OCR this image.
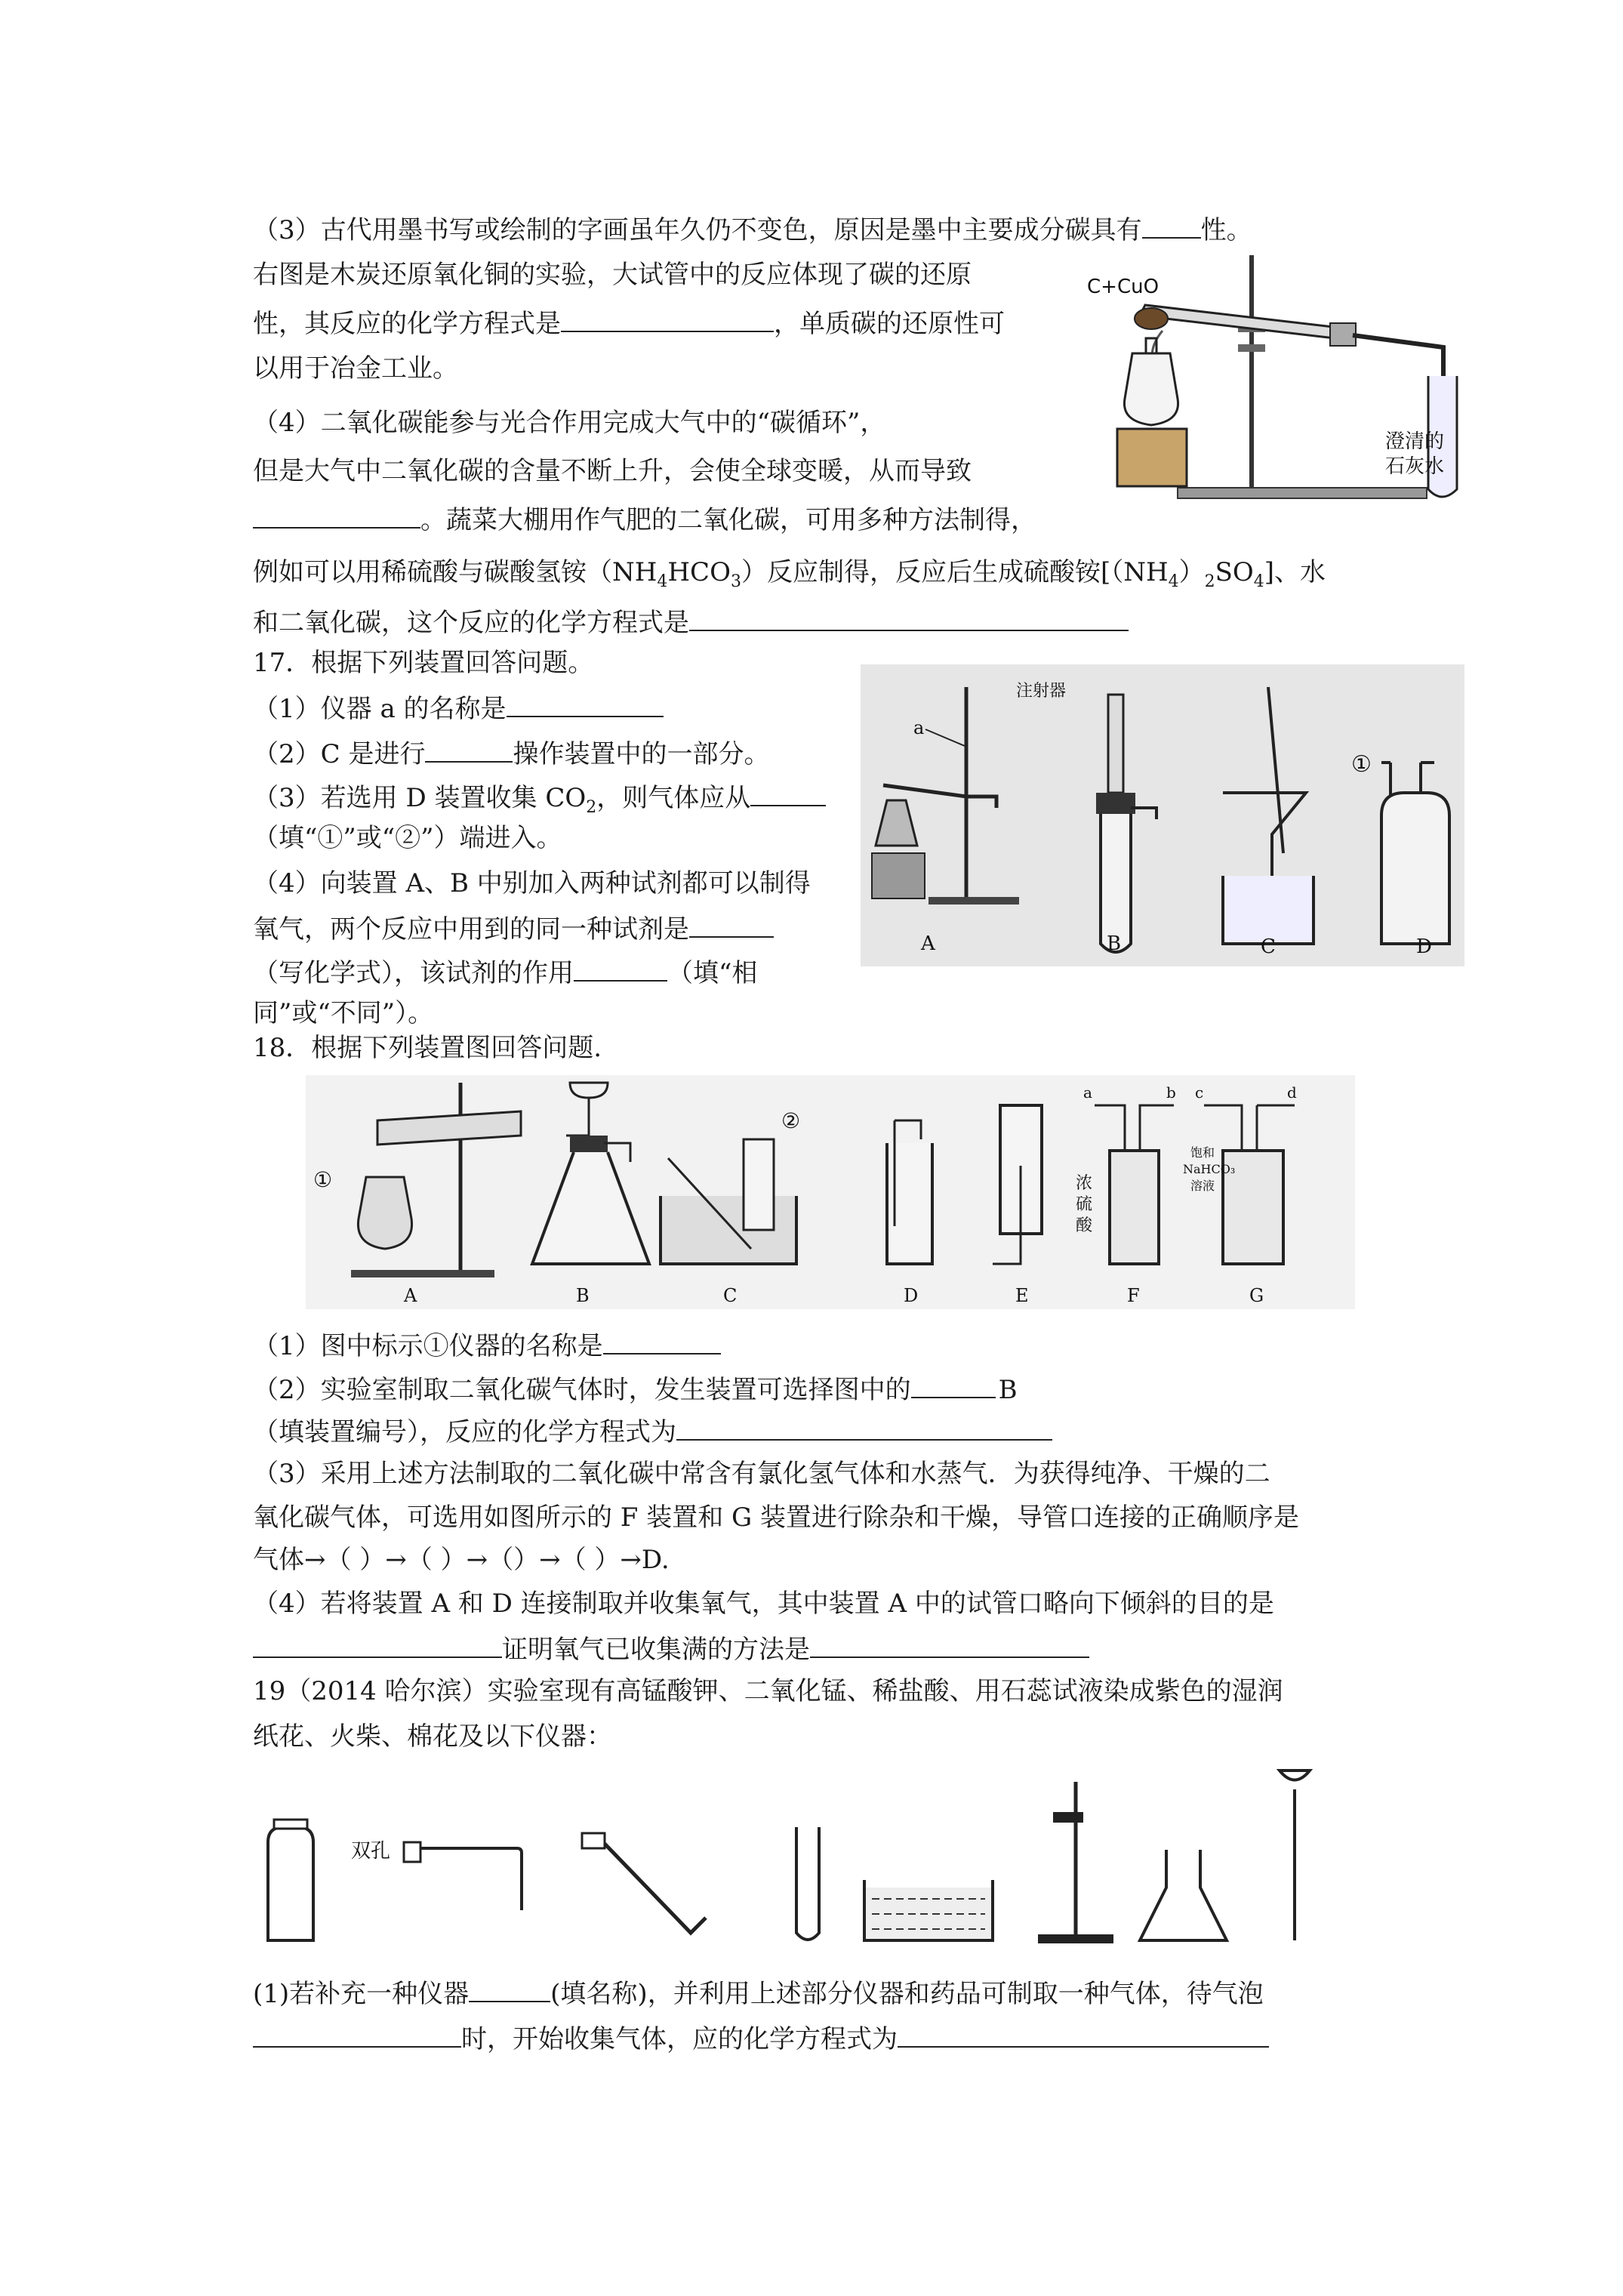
（3）古代用墨书写或绘制的字画虽年久仍不变色，原因是墨中主要成分碳具有 性。
右图是木炭还原氧化铜的实验，大试管中的反应体现了碳的还原
性，其反应的化学方程式是	，单质碳的还原性可
以用于冶金工业。
（4）二氧化碳能参与光合作用完成大气中的“碳循环”，
但是大气中二氧化碳的含量不断上升，会使全球变暖，从而导致
。蔬菜大棚用作气肥的二氧化碳，可用多种方法制得，
例如可以用稀硫酸与碳酸氢铵$(NH_4HCO_3)$反应制得，反应后生成硫酸铵$[(NH_4)_2SO_4]$、水
和二氧化碳，这个反应的化学方程式是
C+CuO
澄清的
石灰水
17．根据下列装置回答问题。
（1）仪器 a 的名称是
（2）C 是进行	操作装置中的一部分。
（3）若选用 D 装置收集 $CO_2$，则气体应从
（填“①”或“②”）端进入。
（4）向装置 A、B 中别加入两种试剂都可以制得
氧气，两个反应中用到的同一种试剂是
（写化学式），该试剂的作用	（填“相
同”或“不同”）。
a
注射器
①
A	B	C	D
18．根据下列装置图回答问题.
①
②
a	b
浓
硫
酸
c	d
饱和
NaHCO₃
溶液
A	B	C	D	E	F	G
（1）图中标示①仪器的名称是
（2）实验室制取二氧化碳气体时，发生装置可选择图中的	B
（填装置编号），反应的化学方程式为
（3）采用上述方法制取的二氧化碳中常含有氯化氢气体和水蒸气．为获得纯净、干燥的二
氧化碳气体，可选用如图所示的 F 装置和 G 装置进行除杂和干燥，导管口连接的正确顺序是
气体→（ ）→（ ）→（）→（ ）→D.
（4）若将装置 A 和 D 连接制取并收集氧气，其中装置 A 中的试管口略向下倾斜的目的是
证明氧气已收集满的方法是
19（2014 哈尔滨）实验室现有高锰酸钾、二氧化锰、稀盐酸、用石蕊试液染成紫色的湿润
纸花、火柴、棉花及以下仪器：
双孔
(1)若补充一种仪器	(填名称)，并利用上述部分仪器和药品可制取一种气体，待气泡
时，开始收集气体，应的化学方程式为
